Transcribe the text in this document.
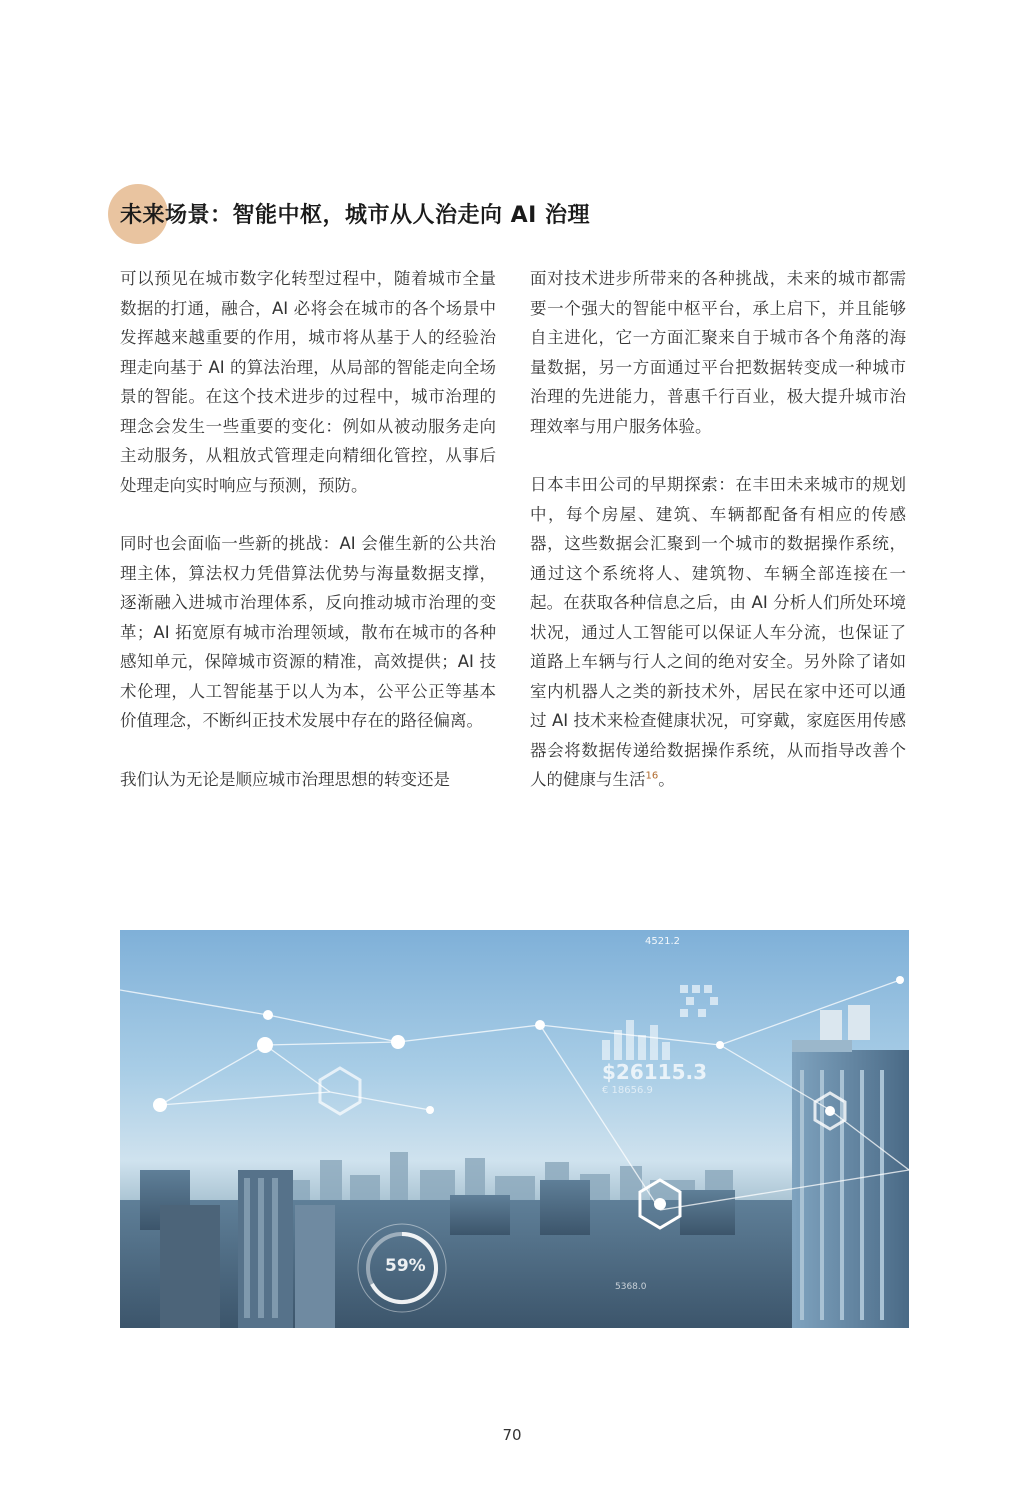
未来场景：智能中枢，城市从人治走向 AI 治理

可以预见在城市数字化转型过程中，随着城市全量数据的打通，融合，AI 必将会在城市的各个场景中发挥越来越重要的作用，城市将从基于人的经验治理走向基于 AI 的算法治理，从局部的智能走向全场景的智能。在这个技术进步的过程中，城市治理的理念会发生一些重要的变化：例如从被动服务走向主动服务，从粗放式管理走向精细化管控，从事后处理走向实时响应与预测，预防。

同时也会面临一些新的挑战：AI 会催生新的公共治理主体，算法权力凭借算法优势与海量数据支撑，逐渐融入进城市治理体系，反向推动城市治理的变革；AI 拓宽原有城市治理领域，散布在城市的各种感知单元，保障城市资源的精准，高效提供；AI 技术伦理，人工智能基于以人为本，公平公正等基本价值理念，不断纠正技术发展中存在的路径偏离。

我们认为无论是顺应城市治理思想的转变还是

面对技术进步所带来的各种挑战，未来的城市都需要一个强大的智能中枢平台，承上启下，并且能够自主进化，它一方面汇聚来自于城市各个角落的海量数据，另一方面通过平台把数据转变成一种城市治理的先进能力，普惠千行百业，极大提升城市治理效率与用户服务体验。

日本丰田公司的早期探索：在丰田未来城市的规划中，每个房屋、建筑、车辆都配备有相应的传感器，这些数据会汇聚到一个城市的数据操作系统，通过这个系统将人、建筑物、车辆全部连接在一起。在获取各种信息之后，由 AI 分析人们所处环境状况，通过人工智能可以保证人车分流，也保证了道路上车辆与行人之间的绝对安全。另外除了诸如室内机器人之类的新技术外，居民在家中还可以通过 AI 技术来检查健康状况，可穿戴，家庭医用传感器会将数据传递给数据操作系统，从而指导改善个人的健康与生活$^{16}$。

59%
$26115.3
4521.2
€ 18656.9
5368.0
70
